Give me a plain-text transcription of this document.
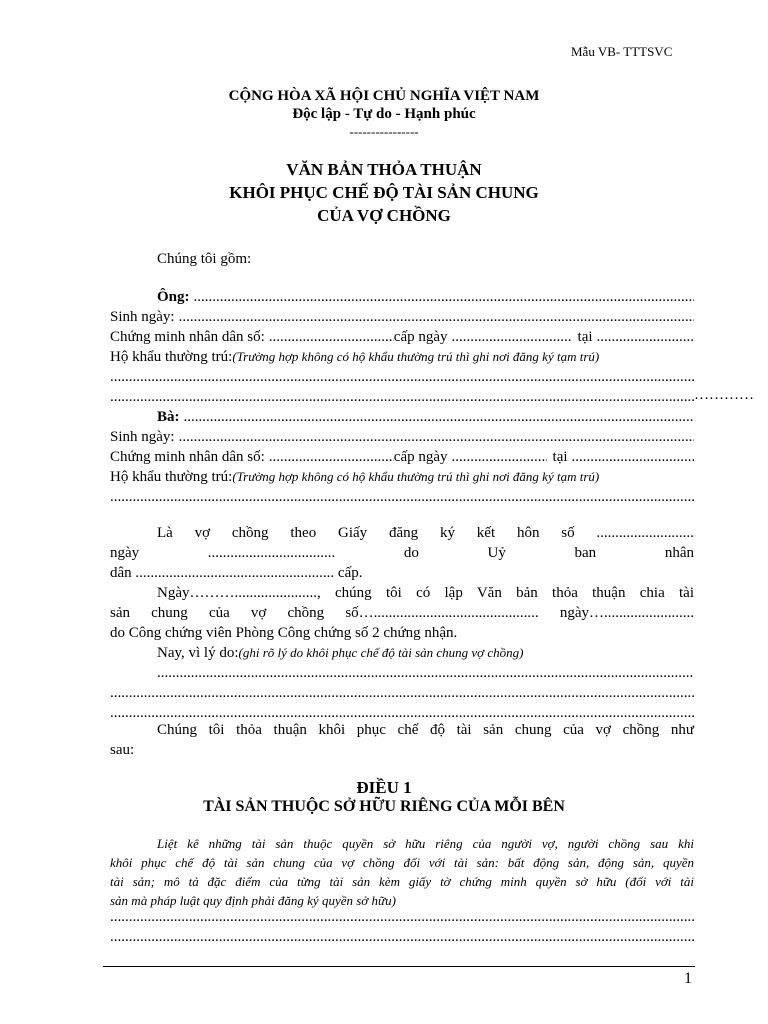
Mẫu VB- TTTSVC
CỘNG HÒA XÃ HỘI CHỦ NGHĨA VIỆT NAM
Độc lập - Tự do - Hạnh phúc
----------------
VĂN BẢN THỎA THUẬN
KHÔI PHỤC CHẾ ĐỘ TÀI SẢN CHUNG
CỦA VỢ CHỒNG
Chúng tôi gồm:
Ông:
.....
Sinh ngày:
.....
Chứng minh nhân dân số: .....	cấp ngày .....	tại
.....
Hộ khẩu thường trú:(Trường hợp không có hộ khẩu thường trú thì ghi nơi đăng ký tạm trú)
.....
.....
…………
Bà:
.....
Sinh ngày:
.....
Chứng minh nhân dân số: .....	cấp ngày .....	tại
.....
Hộ khẩu thường trú:(Trường hợp không có hộ khẩu thường trú thì ghi nơi đăng ký tạm trú)
.....
Là vợ chồng theo Giấy đăng ký kết hôn số ..........................
ngày	..................................	do	Uỷ	ban	nhân
dân ..................................................... cấp.
Ngày………......................, chúng tôi có lập Văn bản thỏa thuận chia tài
sản chung của vợ chồng số…............................................ ngày…........................
do Công chứng viên Phòng Công chứng số 2 chứng nhận.
Nay, vì lý do:(ghi rõ lý do khôi phục chế độ tài sản chung vợ chồng)
.....
.....
.....
Chúng tôi thỏa thuận khôi phục chế độ tài sản chung của vợ chồng như
sau:
ĐIỀU 1
TÀI SẢN THUỘC SỞ HỮU RIÊNG CỦA MỖI BÊN
Liệt kê những tài sản thuộc quyền sở hữu riêng của người vợ, người chồng sau khi
khôi phục chế độ tài sản chung của vợ chồng đối với tài sản: bất động sản, động sản, quyền
tài sản; mô tả đặc điểm của từng tài sản kèm giấy tờ chứng minh quyền sở hữu (đối với tài
sản mà pháp luật quy định phải đăng ký quyền sở hữu)
.....
.....
1
